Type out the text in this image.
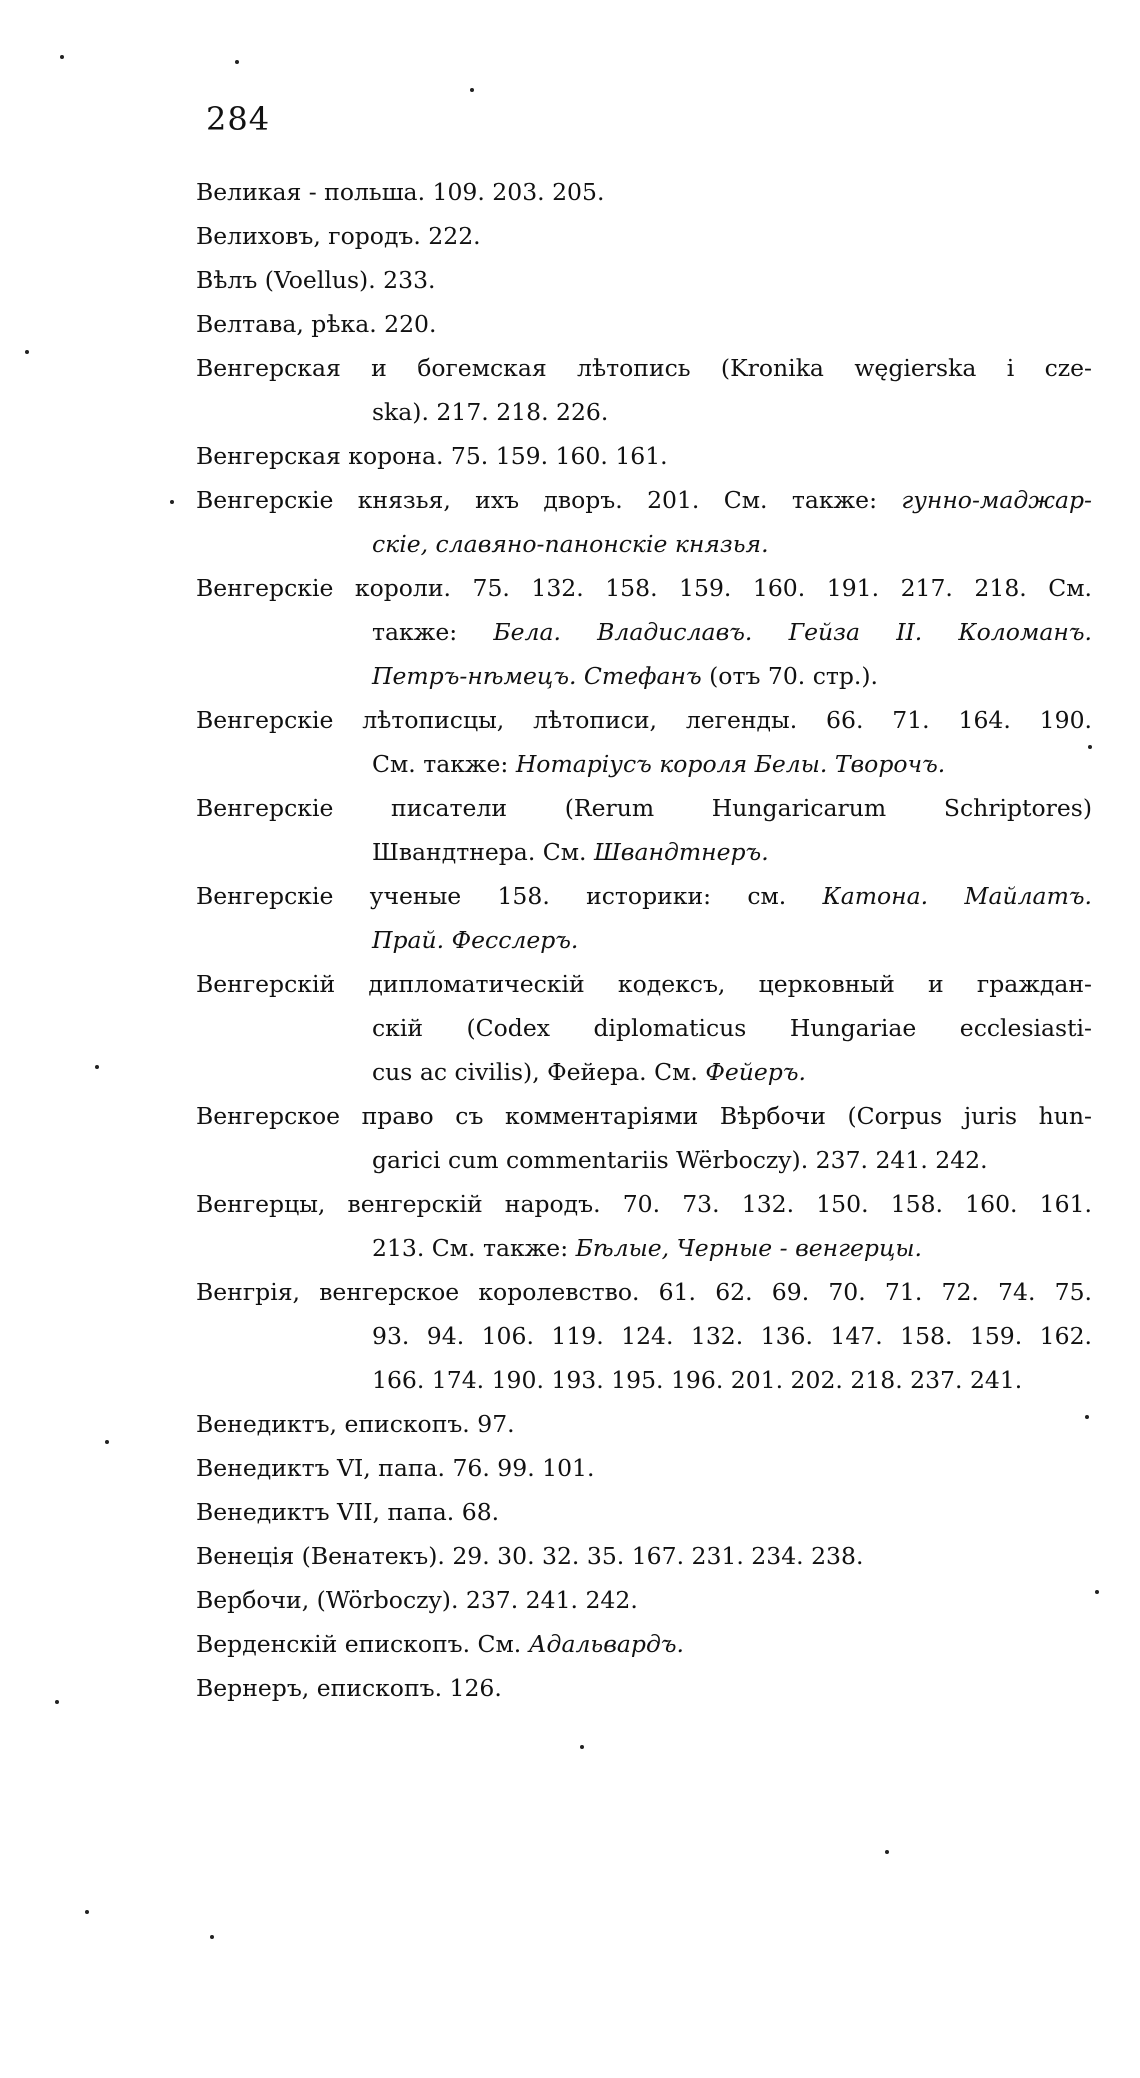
284
Великая - польша. 109. 203. 205.
Велиховъ, городъ. 222.
Вѣлъ (Voellus). 233.
Велтава, рѣка. 220.
Венгерская и богемская лѣтопись (Kronika węgierska i cze-
ska). 217. 218. 226.
Венгерская корона. 75. 159. 160. 161.
Венгерскіе князья, ихъ дворъ. 201. См. также: гунно-маджар-
скіе, славяно-панонскіе князья.
Венгерскіе короли. 75. 132. 158. 159. 160. 191. 217. 218. См.
также: Бела. Владиславъ. Гейза II. Коломанъ.
Петръ-нѣмецъ. Стефанъ (отъ 70. стр.).
Венгерскіе лѣтописцы, лѣтописи, легенды. 66. 71. 164. 190.
См. также: Нотаріусъ короля Белы. Творочъ.
Венгерскіе писатели (Rerum Hungaricarum Schriptores)
Швандтнера. См. Швандтнеръ.
Венгерскіе ученые 158. историки: см. Катона. Майлатъ.
Прай. Фесслеръ.
Венгерскій дипломатическій кодексъ, церковный и граждан-
скій (Codex diplomaticus Hungariae ecclesiasti-
cus ac civilis), Фейера. См. Фейеръ.
Венгерское право съ комментаріями Вѣрбочи (Corpus juris hun-
garici cum commentariis Wërboczy). 237. 241. 242.
Венгерцы, венгерскій народъ. 70. 73. 132. 150. 158. 160. 161.
213. См. также: Бѣлые, Черные - венгерцы.
Венгрія, венгерское королевство. 61. 62. 69. 70. 71. 72. 74. 75.
93. 94. 106. 119. 124. 132. 136. 147. 158. 159. 162.
166. 174. 190. 193. 195. 196. 201. 202. 218. 237. 241.
Венедиктъ, епископъ. 97.
Венедиктъ VI, папа. 76. 99. 101.
Венедиктъ VII, папа. 68.
Венеція (Венатекъ). 29. 30. 32. 35. 167. 231. 234. 238.
Вербочи, (Wörboczy). 237. 241. 242.
Верденскій епископъ. См. Адальвардъ.
Вернеръ, епископъ. 126.
